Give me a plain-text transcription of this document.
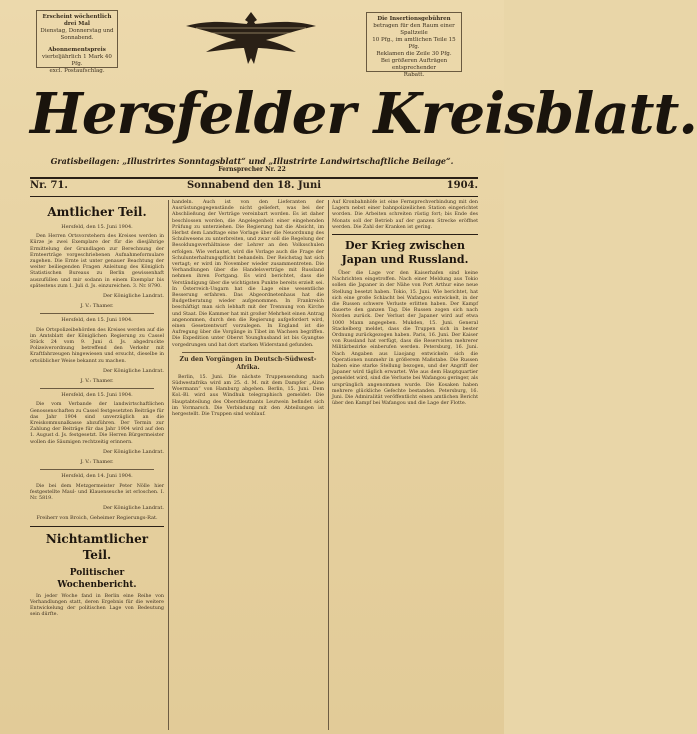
Erscheint wöchentlich drei Mal
Dienstag, Donnerstag und Sonnabend.
Abonnementspreis
vierteljährlich 1 Mark 40 Pfg.
excl. Postaufschlag.
Die Insertionsgebühren
betragen für den Raum einer Spaltzeile
10 Pfg., im amtlichen Teile 15 Pfg.
Reklamen die Zeile 30 Pfg.
Bei größeren Aufträgen entsprechender
Rabatt.
Hersfelder Kreisblatt.
Gratisbeilagen: „Illustrirtes Sonntagsblatt“ und „Illustrirte Landwirtschaftliche Beilage“.
Fernsprecher Nr. 22
Nr. 71.	Sonnabend den 18. Juni	1904.
Amtlicher Teil.
Hersfeld, den 15. Juni 1904.
Den Herren Ortsvorstehern des Kreises werden in Kürze je zwei Exemplare der für die diesjährige Ermittelung der Grundlagen zur Berechnung der Ernteerträge vorgeschriebenen Aufnahmeformulare zugehen. Die Ernte ist unter genauer Beachtung der weiter beiliegenden Fragen Anleitung des Königlich Statistischen Bureaus zu Berlin gewissenhaft auszufüllen und mir sodann in einem Exemplar bis spätestens zum 1. Juli d. Js. einzureichen. 3. Nr. 8790.
Der Königliche Landrat.
J. V.: Thamer.
Hersfeld, den 15. Juni 1904.
Die Ortspolizeibehörden des Kreises werden auf die im Amtsblatt der Königlichen Regierung zu Cassel Stück 24 vom 9. Juni d. Js. abgedruckte Polizeiverordnung betreffend den Verkehr mit Kraftfahrzeugen hingewiesen und ersucht, dieselbe in ortsüblicher Weise bekannt zu machen.
Der Königliche Landrat.
J. V.: Thamer.
Hersfeld, den 15. Juni 1904.
Die vom Verbande der landwirtschaftlichen Genossenschaften zu Cassel festgesetzten Beiträge für das Jahr 1904 sind unverzüglich an die Kreiskommunalkasse abzuführen. Der Termin zur Zahlung der Beiträge für das Jahr 1904 wird auf den 1. August d. Js. festgesetzt. Die Herren Bürgermeister wollen die Säumigen rechtzeitig erinnern.
Der Königliche Landrat.
J. V.: Thamer.
Hersfeld, den 14. Juni 1904.
Die bei dem Metzgermeister Peter Nölle hier festgestellte Maul- und Klauenseuche ist erloschen. I. Nr. 5819.
Der Königliche Landrat.
Freiherr von Broich, Geheimer Regierungs-Rat.
Nichtamtlicher Teil.
Politischer Wochenbericht.
In jeder Woche fand in Berlin eine Reihe von Verhandlungen statt, deren Ergebnis für die weitere Entwickelung der politischen Lage von Bedeutung sein dürfte.
handeln. Auch ist von den Lieferanten der Ausrüstungsgegenstände nicht geliefert, was bei der Abschließung der Verträge vereinbart worden. Es ist daher beschlossen worden, die Angelegenheit einer eingehenden Prüfung zu unterziehen. Die Regierung hat die Absicht, im Herbst dem Landtage eine Vorlage über die Neuordnung des Schulwesens zu unterbreiten, und zwar soll die Regelung der Besoldungsverhältnisse der Lehrer an den Volksschulen erfolgen. Wie verlautet, wird die Vorlage auch die Frage der Schulunterhaltungspflicht behandeln. Der Reichstag hat sich vertagt; er wird im November wieder zusammentreten. Die Verhandlungen über die Handelsverträge mit Russland nehmen ihren Fortgang. Es wird berichtet, dass die Verständigung über die wichtigsten Punkte bereits erzielt sei. In Österreich-Ungarn hat die Lage eine wesentliche Besserung erfahren. Das Abgeordnetenhaus hat die Budgetberatung wieder aufgenommen. In Frankreich beschäftigt man sich lebhaft mit der Trennung von Kirche und Staat. Die Kammer hat mit großer Mehrheit einen Antrag angenommen, durch den die Regierung aufgefordert wird, einen Gesetzentwurf vorzulegen. In England ist die Aufregung über die Vorgänge in Tibet im Wachsen begriffen. Die Expedition unter Oberst Younghusband ist bis Gyangtse vorgedrungen und hat dort starken Widerstand gefunden.
Zu den Vorgängen in Deutsch-Südwest-Afrika.
Berlin, 15. Juni. Die nächste Truppensendung nach Südwestafrika wird am 25. d. M. mit dem Dampfer „Aline Woermann“ von Hamburg abgehen. Berlin, 15. Juni. Dem Kol.-Bl. wird aus Windhuk telegraphisch gemeldet: Die Hauptabteilung des Oberstleutnants Leutwein befindet sich im Vormarsch. Die Verbindung mit den Abteilungen ist hergestellt. Die Truppen sind wohlauf.
Auf Kronbahnhöfe ist eine Fernsprechverbindung mit den Lagern nebst einer bahnpolizeilichen Station eingerichtet worden. Die Arbeiten schreiten rüstig fort; bis Ende des Monats soll der Betrieb auf der ganzen Strecke eröffnet werden. Die Zahl der Kranken ist gering.
Der Krieg zwischen Japan und Russland.
Über die Lage vor den Kaiserhafen sind keine Nachrichten eingetroffen. Nach einer Meldung aus Tokio sollen die Japaner in der Nähe von Port Arthur eine neue Stellung besetzt haben. Tokio, 15. Juni. Wie berichtet, hat sich eine große Schlacht bei Wafangou entwickelt, in der die Russen schwere Verluste erlitten haben. Der Kampf dauerte den ganzen Tag. Die Russen zogen sich nach Norden zurück. Der Verlust der Japaner wird auf etwa 1000 Mann angegeben. Mukden, 15. Juni. General Stackelberg meldet, dass die Truppen sich in bester Ordnung zurückgezogen haben. Paris, 16. Juni. Der Kaiser von Russland hat verfügt, dass die Reservisten mehrerer Militärbezirke einberufen werden. Petersburg, 16. Juni. Nach Angaben aus Liaojang entwickeln sich die Operationen nunmehr in größerem Maßstabe. Die Russen haben eine starke Stellung bezogen, und der Angriff der Japaner wird täglich erwartet. Wie aus dem Hauptquartier gemeldet wird, sind die Verluste bei Wafangou geringer, als ursprünglich angenommen wurde. Die Kosaken haben mehrere glückliche Gefechte bestanden. Petersburg, 16. Juni. Die Admiralität veröffentlicht einen amtlichen Bericht über den Kampf bei Wafangou und die Lage der Flotte.
